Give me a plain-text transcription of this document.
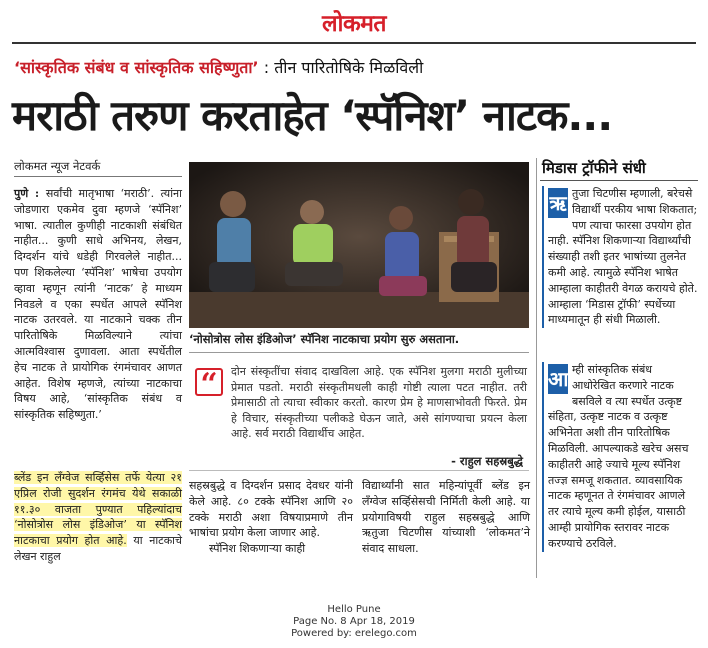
लोकमत
‘सांस्कृतिक संबंध व सांस्कृतिक सहिष्णुता’ : तीन पारितोषिके मिळविली
मराठी तरुण करताहेत ‘स्पॅनिश’ नाटक...
लोकमत न्यूज नेटवर्क
पुणे : सर्वांची मातृभाषा ‘मराठी’. त्यांना जोडणारा एकमेव दुवा म्हणजे ‘स्पॅनिश’ भाषा. त्यातील कुणीही नाटकाशी संबंधित नाहीत... कुणी साधे अभिनय, लेखन, दिग्दर्शन यांचे धडेही गिरवलेले नाहीत... पण शिकलेल्या ‘स्पॅनिश’ भाषेचा उपयोग व्हावा म्हणून त्यांनी ‘नाटक’ हे माध्यम निवडले व एका स्पर्धेत आपले स्पॅनिश नाटक उतरवले. या नाटकाने चक्क तीन पारितोषिके मिळविल्याने त्यांचा आत्मविश्वास दुणावला. आता स्पर्धेतील हेच नाटक ते प्रायोगिक रंगमंचावर आणत आहेत. विशेष म्हणजे, त्यांच्या नाटकाचा विषय आहे, ‘सांस्कृतिक संबंध व सांस्कृतिक सहिष्णुता.’
ब्लेंड इन लॅंग्वेज सर्व्हिसेस तर्फे येत्या २१ एप्रिल रोजी सुदर्शन रंगमंच येथे सकाळी ११.३० वाजता पुण्यात पहिल्यांदाच ‘नोसोत्रोस लोस इंडिओज’ या स्पॅनिश नाटकाचा प्रयोग होत आहे. या नाटकाचे लेखन राहुल
‘नोसोत्रोस लोस इंडिओज’ स्पॅनिश नाटकाचा प्रयोग सुरु असताना.
“	दोन संस्कृतींचा संवाद दाखविला आहे. एक स्पॅनिश मुलगा मराठी मुलीच्या प्रेमात पडतो. मराठी संस्कृतीमधली काही गोष्टी त्याला पटत नाहीत. तरी प्रेमासाठी तो त्याचा स्वीकार करतो. कारण प्रेम हे माणसाभोवती फिरते. प्रेम हे विचार, संस्कृतीच्या पलीकडे घेऊन जाते, असे सांगण्याचा प्रयत्न केला आहे. सर्व मराठी विद्यार्थीच आहेत.
- राहुल सहस्रबुद्धे
सहस्रबुद्धे व दिग्दर्शन प्रसाद देवधर यांनी केले आहे. ८० टक्के स्पॅनिश आणि २० टक्के मराठी अशा विषयाप्रमाणे तीन भाषांचा प्रयोग केला जाणार आहे.
स्पॅनिश शिकणाऱ्या काही
विद्यार्थ्यांनी सात महिन्यांपूर्वी ब्लेंड इन लॅंग्वेज सर्व्हिसेसची निर्मिती केली आहे. या प्रयोगाविषयी राहुल सहस्रबुद्धे आणि ऋतुजा चिटणीस यांच्याशी ‘लोकमत’ने संवाद साधला.
मिडास ट्रॉफीने संधी
ऋ तुजा चिटणीस म्हणाली, बरेचसे विद्यार्थी परकीय भाषा शिकतात; पण त्याचा फारसा उपयोग होत नाही. स्पॅनिश शिकणाऱ्या विद्यार्थ्यांची संख्याही तशी इतर भाषांच्या तुलनेत कमी आहे. त्यामुळे स्पॅनिश भाषेत आम्हाला काहीतरी वेगळ करायचे होते. आम्हाला ‘मिडास ट्रॉफी’ स्पर्धेच्या माध्यमातून ही संधी मिळाली.
आ म्ही सांस्कृतिक संबंध आधोरेखित करणारे नाटक बसविले व त्या स्पर्धेत उत्कृष्ट संहिता, उत्कृष्ट नाटक व उत्कृष्ट अभिनेता अशी तीन पारितोषिक मिळविली. आपल्याकडे खरेच असच काहीतरी आहे ज्याचे मूल्य स्पॅनिश तज्ज्ञ समजू शकतात. व्यावसायिक नाटक म्हणूनत ते रंगमंचावर आणले तर त्याचे मूल्य कमी होईल, यासाठी आम्ही प्रायोगिक स्तरावर नाटक करण्याचे ठरविले.
Hello Pune
Page No. 8 Apr 18, 2019
Powered by: erelego.com
